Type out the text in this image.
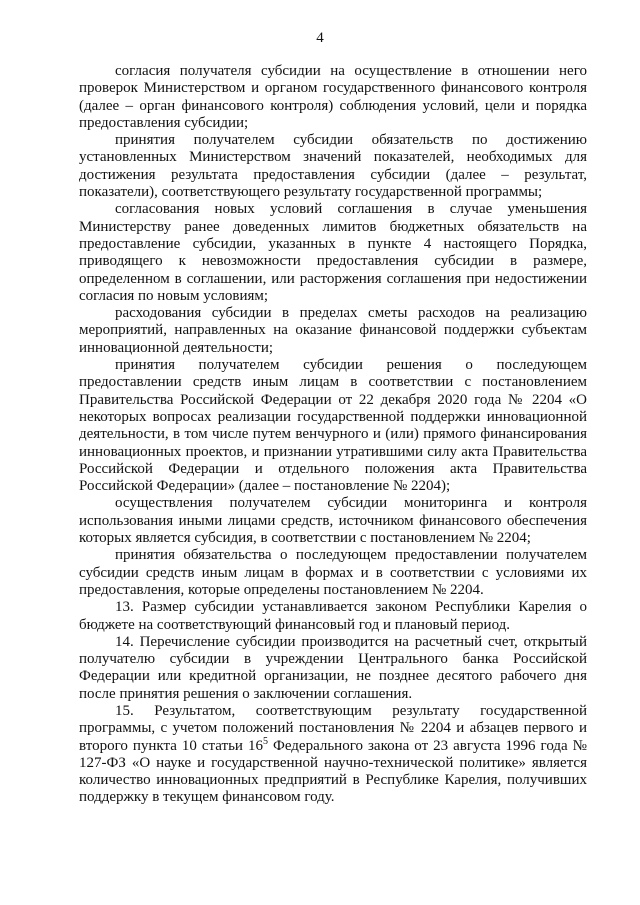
4

согласия получателя субсидии на осуществление в отношении него проверок Министерством и органом государственного финансового контроля (далее – орган финансового контроля) соблюдения условий, цели и порядка предоставления субсидии;

принятия получателем субсидии обязательств по достижению установленных Министерством значений показателей, необходимых для достижения результата предоставления субсидии (далее – результат, показатели), соответствующего результату государственной программы;

согласования новых условий соглашения в случае уменьшения Министерству ранее доведенных лимитов бюджетных обязательств на предоставление субсидии, указанных в пункте 4 настоящего Порядка, приводящего к невозможности предоставления субсидии в размере, определенном в соглашении, или расторжения соглашения при недостижении согласия по новым условиям;

расходования субсидии в пределах сметы расходов на реализацию мероприятий, направленных на оказание финансовой поддержки субъектам инновационной деятельности;

принятия получателем субсидии решения о последующем предоставлении средств иным лицам в соответствии с постановлением Правительства Российской Федерации от 22 декабря 2020 года № 2204 «О некоторых вопросах реализации государственной поддержки инновационной деятельности, в том числе путем венчурного и (или) прямого финансирования инновационных проектов, и признании утратившими силу акта Правительства Российской Федерации и отдельного положения акта Правительства Российской Федерации» (далее – постановление № 2204);

осуществления получателем субсидии мониторинга и контроля использования иными лицами средств, источником финансового обеспечения которых является субсидия, в соответствии с постановлением № 2204;

принятия обязательства о последующем предоставлении получателем субсидии средств иным лицам в формах и в соответствии с условиями их предоставления, которые определены постановлением № 2204.

13. Размер субсидии устанавливается законом Республики Карелия о бюджете на соответствующий финансовый год и плановый период.

14. Перечисление субсидии производится на расчетный счет, открытый получателю субсидии в учреждении Центрального банка Российской Федерации или кредитной организации, не позднее десятого рабочего дня после принятия решения о заключении соглашения.

15. Результатом, соответствующим результату государственной программы, с учетом положений постановления № 2204 и абзацев первого и второго пункта 10 статьи $16^5$ Федерального закона от 23 августа 1996 года № 127-ФЗ «О науке и государственной научно-технической политике» является количество инновационных предприятий в Республике Карелия, получивших поддержку в текущем финансовом году.
